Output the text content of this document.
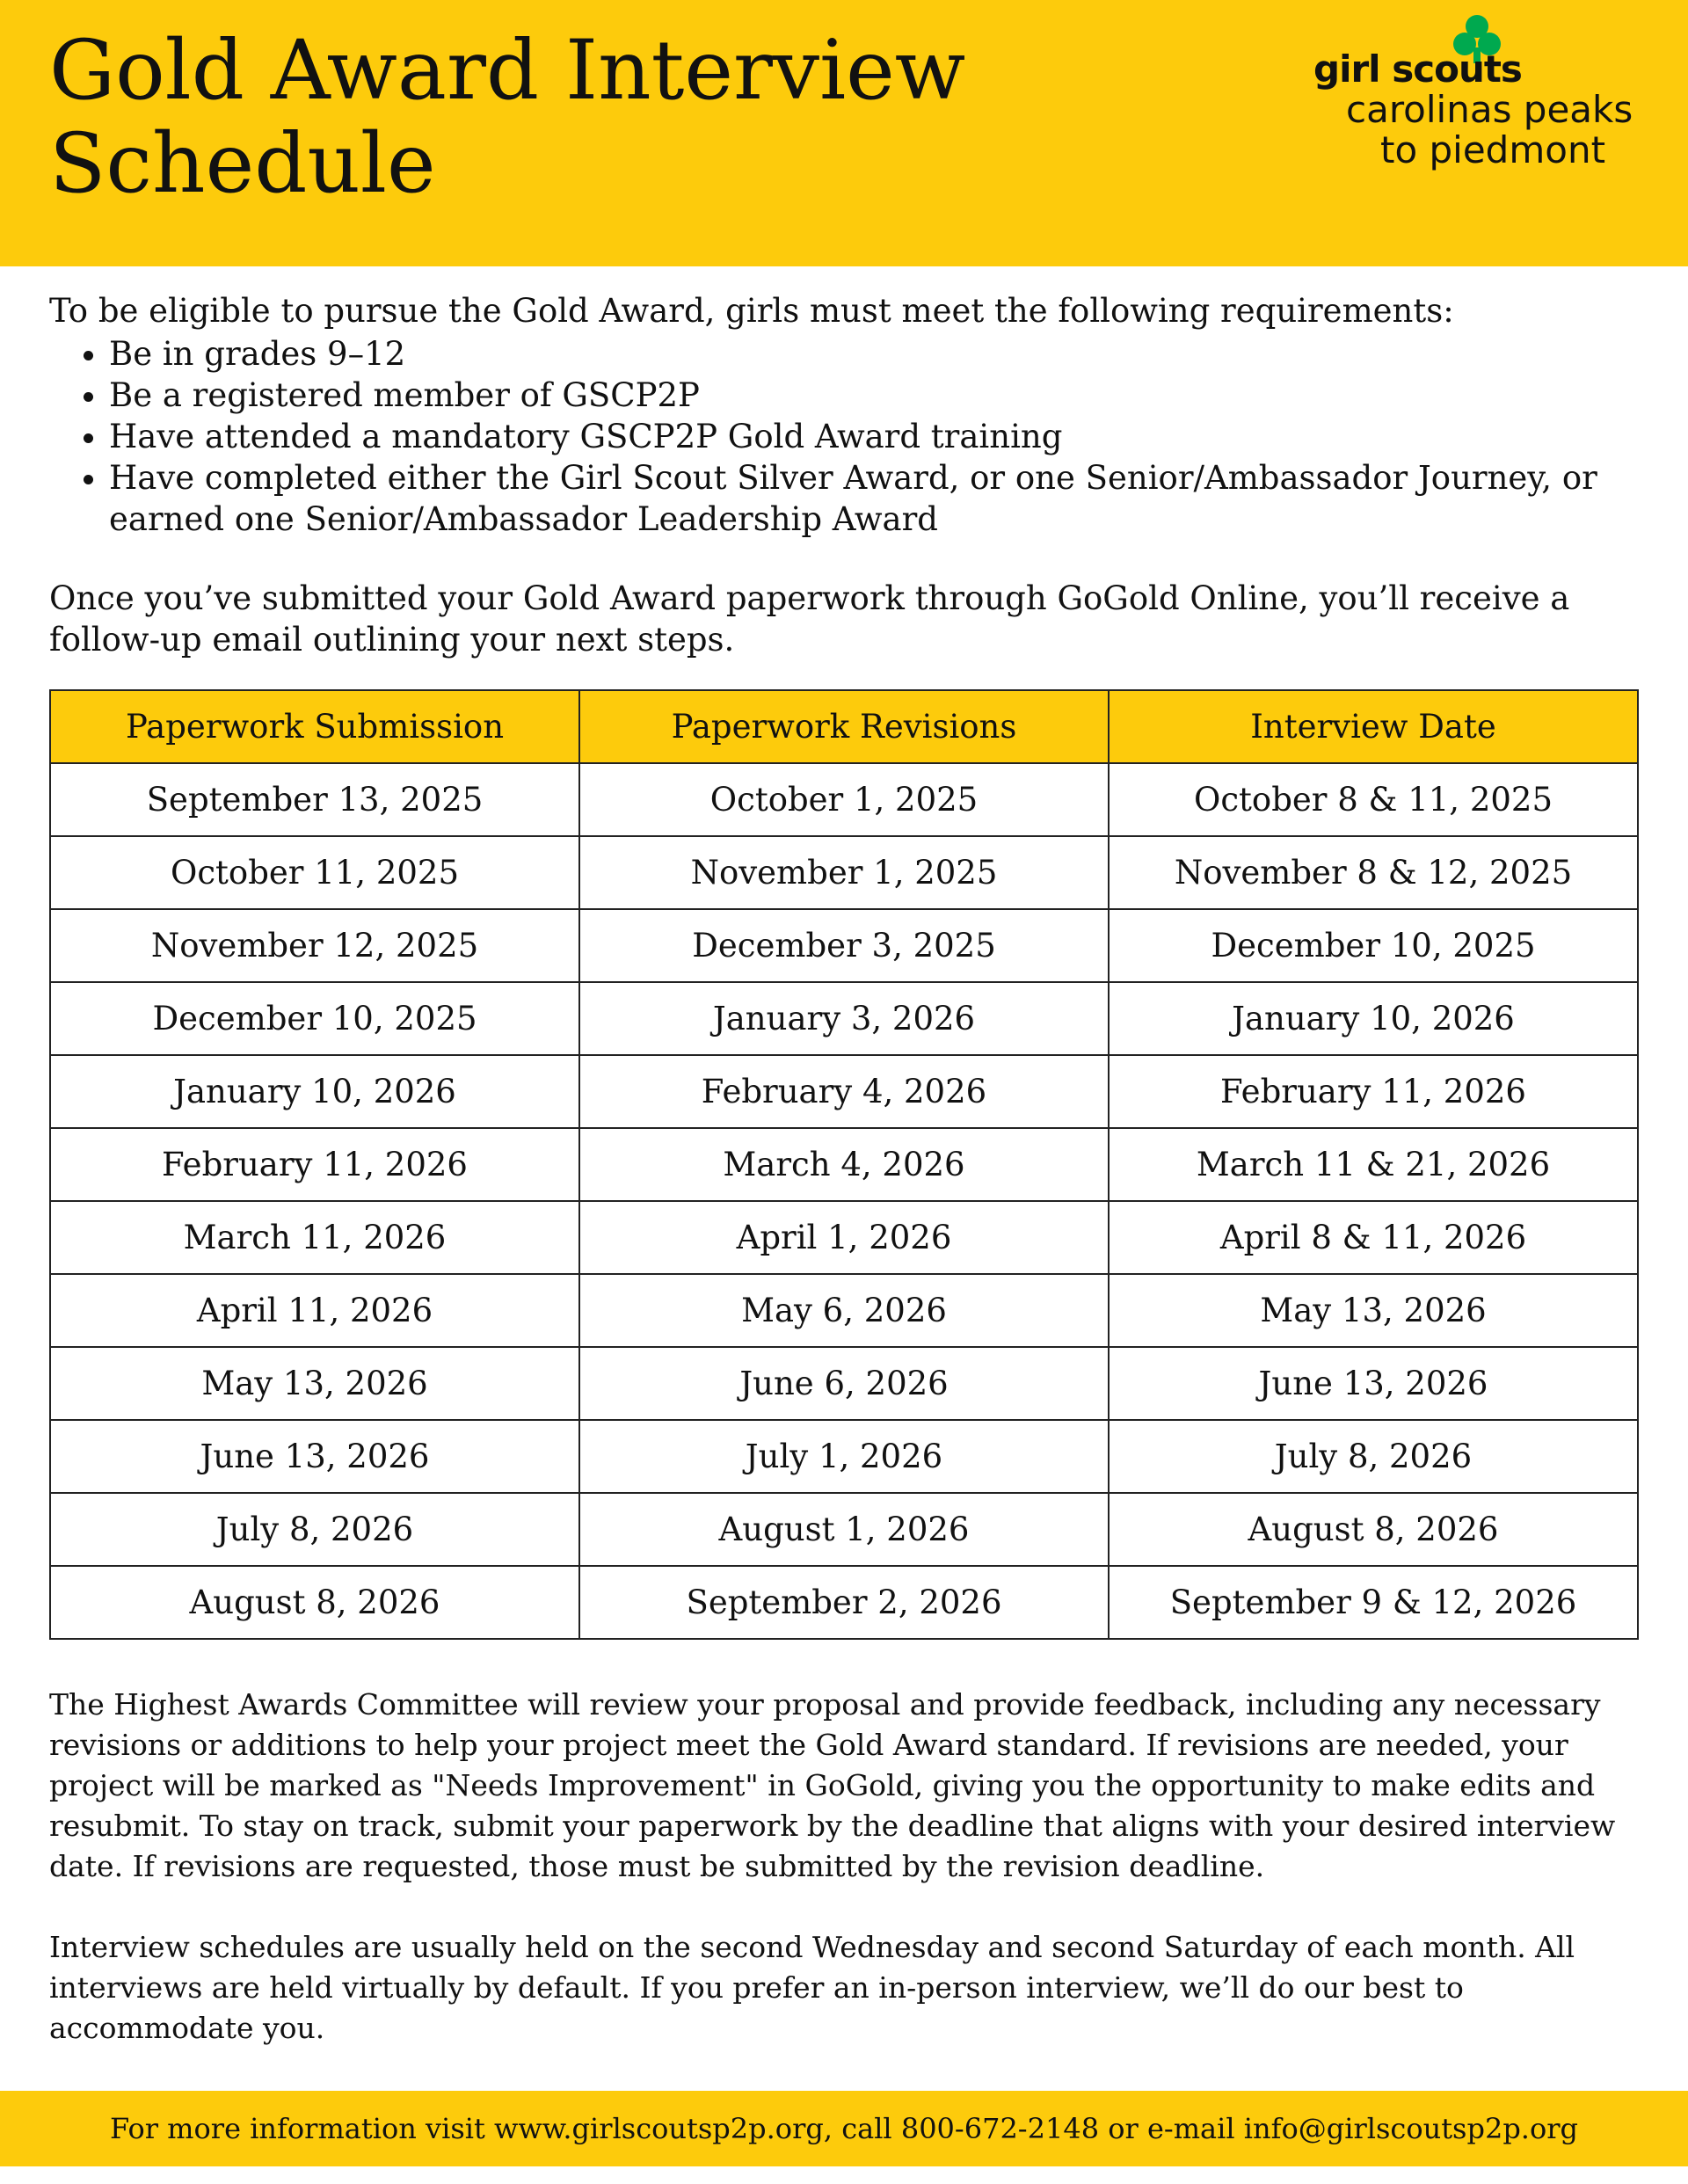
Gold Award Interview
Schedule
girl scouts
carolinas peaks
to piedmont

To be eligible to pursue the Gold Award, girls must meet the following requirements:

• Be in grades 9–12
• Be a registered member of GSCP2P
• Have attended a mandatory GSCP2P Gold Award training
• Have completed either the Girl Scout Silver Award, or one Senior/Ambassador Journey, or earned one Senior/Ambassador Leadership Award

Once you’ve submitted your Gold Award paperwork through GoGold Online, you’ll receive a follow-up email outlining your next steps.

Paperwork Submission	Paperwork Revisions	Interview Date
September 13, 2025	October 1, 2025	October 8 & 11, 2025
October 11, 2025	November 1, 2025	November 8 & 12, 2025
November 12, 2025	December 3, 2025	December 10, 2025
December 10, 2025	January 3, 2026	January 10, 2026
January 10, 2026	February 4, 2026	February 11, 2026
February 11, 2026	March 4, 2026	March 11 & 21, 2026
March 11, 2026	April 1, 2026	April 8 & 11, 2026
April 11, 2026	May 6, 2026	May 13, 2026
May 13, 2026	June 6, 2026	June 13, 2026
June 13, 2026	July 1, 2026	July 8, 2026
July 8, 2026	August 1, 2026	August 8, 2026
August 8, 2026	September 2, 2026	September 9 & 12, 2026

The Highest Awards Committee will review your proposal and provide feedback, including any necessary revisions or additions to help your project meet the Gold Award standard. If revisions are needed, your project will be marked as "Needs Improvement" in GoGold, giving you the opportunity to make edits and resubmit. To stay on track, submit your paperwork by the deadline that aligns with your desired interview date. If revisions are requested, those must be submitted by the revision deadline.

Interview schedules are usually held on the second Wednesday and second Saturday of each month. All interviews are held virtually by default. If you prefer an in-person interview, we’ll do our best to accommodate you.

For more information visit www.girlscoutsp2p.org, call 800-672-2148 or e-mail info@girlscoutsp2p.org
